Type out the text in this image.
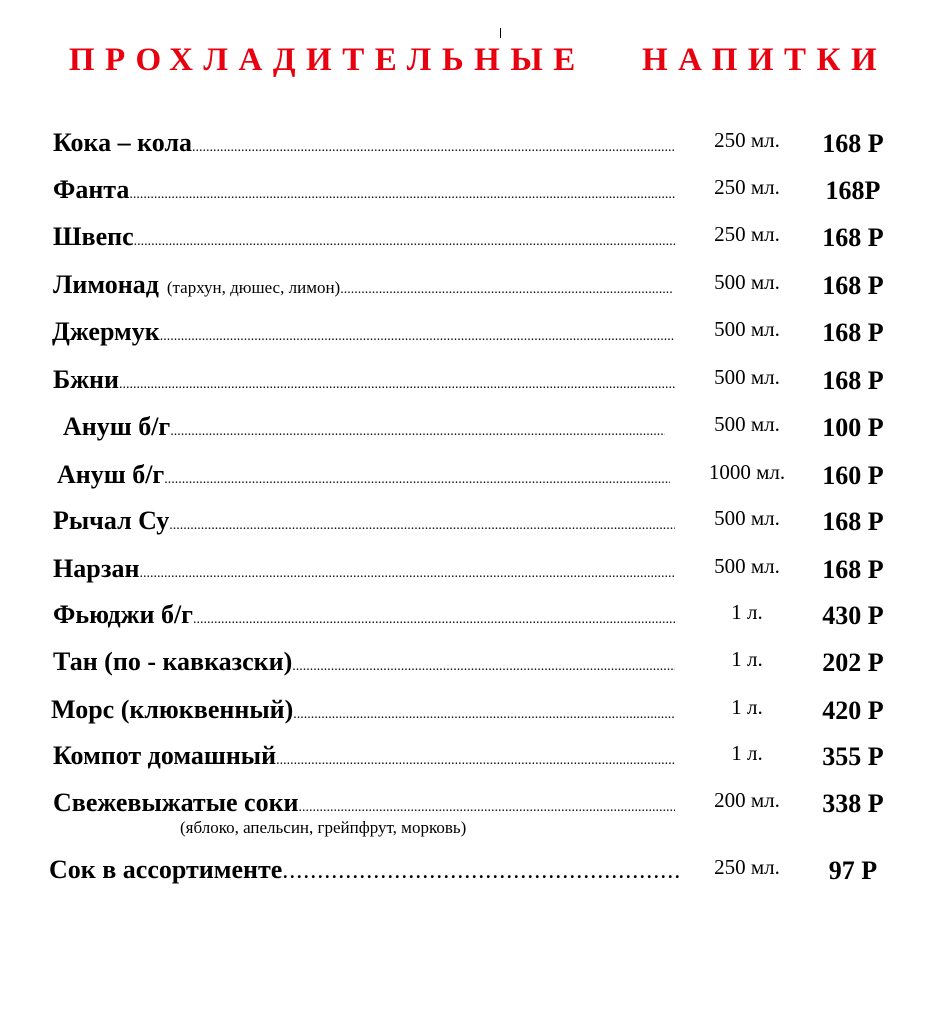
ПРОХЛАДИТЕЛЬНЫЕ   НАПИТКИ
Кока – кола .....	250 мл.	168 Р
Фанта .....	250 мл.	168Р
Швепс .....	250 мл.	168 Р
Лимонад (тархун, дюшес, лимон) .....	500 мл.	168 Р
Джермук .....	500 мл.	168 Р
Бжни .....	500 мл.	168 Р
Ануш б/г .....	500 мл.	100 Р
Ануш б/г .....	1000 мл.	160 Р
Рычал Су .....	500 мл.	168 Р
Нарзан .....	500 мл.	168 Р
Фьюджи б/г .....	1 л.	430 Р
Тан (по - кавказски) .....	1 л.	202 Р
Морс (клюквенный) .....	1 л.	420 Р
Компот домашный .....	1 л.	355 Р
Свежевыжатые соки .....	200 мл.	338 Р
Сок в ассортименте .....	250 мл.	97 Р
(яблоко, апельсин, грейпфрут, морковь)
